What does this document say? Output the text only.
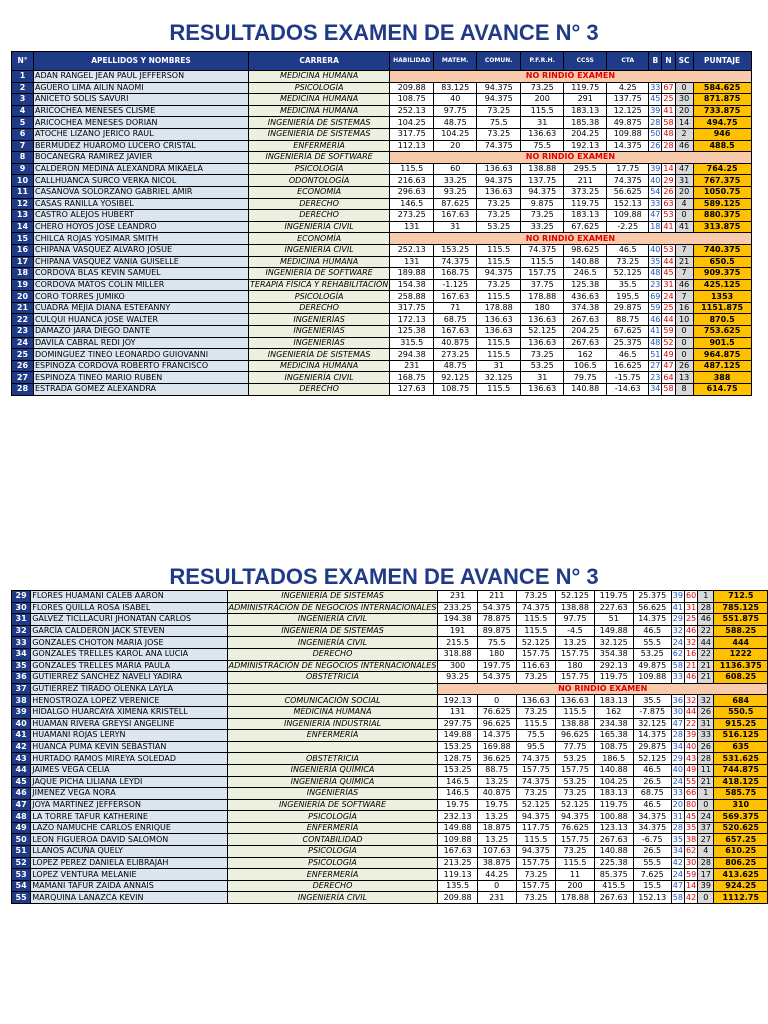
RESULTADOS EXAMEN DE AVANCE N° 3
N°	APELLIDOS Y NOMBRES	CARRERA	HABILIDAD	MATEM.	COMUN.	P.F.R.H.	CCSS	CTA	B	N	SC	PUNTAJE
1	ADAN RANGEL JEAN PAUL JEFFERSON	MEDICINA HUMANA	NO RINDIÓ EXAMEN									
2	AGÜERO LIMA AILIN NAOMI	PSICOLOGÍA	209.88	83.125	94.375	73.25	119.75	4.25	33	67	0	584.625
3	ANICETO SOLIS SAVURI	MEDICINA HUMANA	108.75	40	94.375	200	291	137.75	45	25	30	871.875
4	ARICOCHEA MENESES CLISME	MEDICINA HUMANA	252.13	97.75	73.25	115.5	183.13	12.125	39	41	20	733.875
5	ARICOCHEA MENESES DORIAN	INGENIERÍA DE SISTEMAS	104.25	48.75	75.5	31	185.38	49.875	28	58	14	494.75
6	ATOCHE LIZANO JERICO RAUL	INGENIERÍA DE SISTEMAS	317.75	104.25	73.25	136.63	204.25	109.88	50	48	2	946
7	BERMUDEZ HUAROMO LUCERO CRISTAL	ENFERMERÍA	112.13	20	74.375	75.5	192.13	14.375	26	28	46	488.5
8	BOCANEGRA RAMIREZ JAVIER	INGENIERÍA DE SOFTWARE	NO RINDIÓ EXAMEN									
9	CALDERON MEDINA ALEXANDRA MIKAELA	PSICOLOGÍA	115.5	60	136.63	138.88	295.5	17.75	39	14	47	764.25
10	CALLHUANCA SURCO VERKA NICOL	ODONTOLOGÍA	216.63	33.25	94.375	137.75	211	74.375	40	29	31	767.375
11	CASANOVA SOLORZANO GABRIEL AMIR	ECONOMÍA	296.63	93.25	136.63	94.375	373.25	56.625	54	26	20	1050.75
12	CASAS RANILLA YOSIBEL	DERECHO	146.5	87.625	73.25	9.875	119.75	152.13	33	63	4	589.125
13	CASTRO ALEJOS HUBERT	DERECHO	273.25	167.63	73.25	73.25	183.13	109.88	47	53	0	880.375
14	CHERO HOYOS JOSE LEANDRO	INGENIERÍA CIVIL	131	31	53.25	33.25	67.625	-2.25	18	41	41	313.875
15	CHILCA ROJAS YOSIMAR SMITH	ECONOMÍA	NO RINDIÓ EXAMEN									
16	CHIPANA VASQUEZ ALVARO JOSUE	INGENIERÍA CIVIL	252.13	153.25	115.5	74.375	98.625	46.5	40	53	7	740.375
17	CHIPANA VASQUEZ VANIA GUISELLE	MEDICINA HUMANA	131	74.375	115.5	115.5	140.88	73.25	35	44	21	650.5
18	CORDOVA BLAS KEVIN SAMUEL	INGENIERÍA DE SOFTWARE	189.88	168.75	94.375	157.75	246.5	52.125	48	45	7	909.375
19	CORDOVA MATOS COLIN MILLER	TERAPIA FÍSICA Y REHABILITACIÓN	154.38	-1.125	73.25	37.75	125.38	35.5	23	31	46	425.125
20	CORO TORRES JUMIKO	PSICOLOGÍA	258.88	167.63	115.5	178.88	436.63	195.5	69	24	7	1353
21	CUADRA MEJIA DIANA ESTEFANNY	DERECHO	317.75	71	178.88	180	374.38	29.875	59	25	16	1151.875
22	CULQUI HUANCA JOSE WALTER	INGENIERÍAS	172.13	68.75	136.63	136.63	267.63	88.75	46	44	10	870.5
23	DAMAZO JARA DIEGO DANTE	INGENIERÍAS	125.38	167.63	136.63	52.125	204.25	67.625	41	59	0	753.625
24	DAVILA CABRAL REDI JOY	INGENIERÍAS	315.5	40.875	115.5	136.63	267.63	25.375	48	52	0	901.5
25	DOMINGUEZ TINEO LEONARDO GUIOVANNI	INGENIERÍA DE SISTEMAS	294.38	273.25	115.5	73.25	162	46.5	51	49	0	964.875
26	ESPINOZA CORDOVA ROBERTO FRANCISCO	MEDICINA HUMANA	231	48.75	31	53.25	106.5	16.625	27	47	26	487.125
27	ESPINOZA TINEO MARIO RUBEN	INGENIERÍA CIVIL	168.75	92.125	32.125	31	79.75	-15.75	23	64	13	388
28	ESTRADA GOMEZ ALEXANDRA	DERECHO	127.63	108.75	115.5	136.63	140.88	-14.63	34	58	8	614.75
RESULTADOS EXAMEN DE AVANCE N° 3
29	FLORES HUAMANI CALEB AARON	INGENIERÍA DE SISTEMAS	231	211	73.25	52.125	119.75	25.375	39	60	1	712.5
30	FLORES QUILLA ROSA ISABEL	ADMINISTRACIÓN DE NEGOCIOS INTERNACIONALES	233.25	54.375	74.375	138.88	227.63	56.625	41	31	28	785.125
31	GALVEZ TICLLACURI JHONATAN CARLOS	INGENIERÍA CIVIL	194.38	78.875	115.5	97.75	51	14.375	29	25	46	551.875
32	GARCÍA CALDERÓN JACK STEVEN	INGENIERÍA DE SISTEMAS	191	89.875	115.5	-4.5	149.88	46.5	32	46	22	588.25
33	GONZALES CHOTON MARIA JOSE	INGENIERÍA CIVIL	215.5	75.5	52.125	13.25	32.125	55.5	24	32	44	444
34	GONZALES TRELLES KAROL ANA LUCIA	DERECHO	318.88	180	157.75	157.75	354.38	53.25	62	16	22	1222
35	GONZALES TRELLES MARIA PAULA	ADMINISTRACIÓN DE NEGOCIOS INTERNACIONALES	300	197.75	116.63	180	292.13	49.875	58	21	21	1136.375
36	GUTIERREZ SANCHEZ NAVELI YADIRA	OBSTETRICIA	93.25	54.375	73.25	157.75	119.75	109.88	33	46	21	608.25
37	GUTIERREZ TIRADO OLENKA LAYLA		NO RINDIÓ EXAMEN									
38	HENOSTROZA LOPEZ VERENICE	COMUNICACIÓN SOCIAL	192.13	0	136.63	136.63	183.13	35.5	36	32	32	684
39	HIDALGO HUARCAYA XIMENA KRISTELL	MEDICINA HUMANA	131	76.625	73.25	115.5	162	-7.875	30	44	26	550.5
40	HUAMAN RIVERA GREYSI ANGELINE	INGENIERÍA INDUSTRIAL	297.75	96.625	115.5	138.88	234.38	32.125	47	22	31	915.25
41	HUAMANI ROJAS LERYN	ENFERMERÍA	149.88	14.375	75.5	96.625	165.38	14.375	28	39	33	516.125
42	HUANCA PUMA KEVIN SEBASTIAN		153.25	169.88	95.5	77.75	108.75	29.875	34	40	26	635
43	HURTADO RAMOS MIREYA SOLEDAD	OBSTETRICIA	128.75	36.625	74.375	53.25	186.5	52.125	29	43	28	531.625
44	JAIMES VEGA CELIA	INGENIERÍA QUÍMICA	153.25	88.75	157.75	157.75	140.88	46.5	40	49	11	744.875
45	JAQUE PICHA LILIANA LEYDI	INGENIERÍA QUÍMICA	146.5	13.25	74.375	53.25	104.25	26.5	24	55	21	418.125
46	JIMENEZ VEGA NORA	INGENIERÍAS	146.5	40.875	73.25	73.25	183.13	68.75	33	66	1	585.75
47	JOYA MARTINEZ JEFFERSON	INGENIERÍA DE SOFTWARE	19.75	19.75	52.125	52.125	119.75	46.5	20	80	0	310
48	LA TORRE TAFUR KATHERINE	PSICOLOGÍA	232.13	13.25	94.375	94.375	100.88	34.375	31	45	24	569.375
49	LAZO NAMUCHE CARLOS ENRIQUE	ENFERMERÍA	149.88	18.875	117.75	76.625	123.13	34.375	28	35	37	520.625
50	LEON FIGUEROA DAVID SALOMON	CONTABILIDAD	109.88	13.25	115.5	157.75	267.63	-6.75	35	38	27	657.25
51	LLANOS ACUÑA QUELY	PSICOLOGÍA	167.63	107.63	94.375	73.25	140.88	26.5	34	62	4	610.25
52	LOPEZ PEREZ DANIELA ELIBRAJAH	PSICOLOGÍA	213.25	38.875	157.75	115.5	225.38	55.5	42	30	28	806.25
53	LOPEZ VENTURA MELANIE	ENFERMERÍA	119.13	44.25	73.25	11	85.375	7.625	24	59	17	413.625
54	MAMANI TAFUR ZAIDA ANNAIS	DERECHO	135.5	0	157.75	200	415.5	15.5	47	14	39	924.25
55	MARQUINA LANAZCA KEVIN	INGENIERÍA CIVIL	209.88	231	73.25	178.88	267.63	152.13	58	42	0	1112.75
